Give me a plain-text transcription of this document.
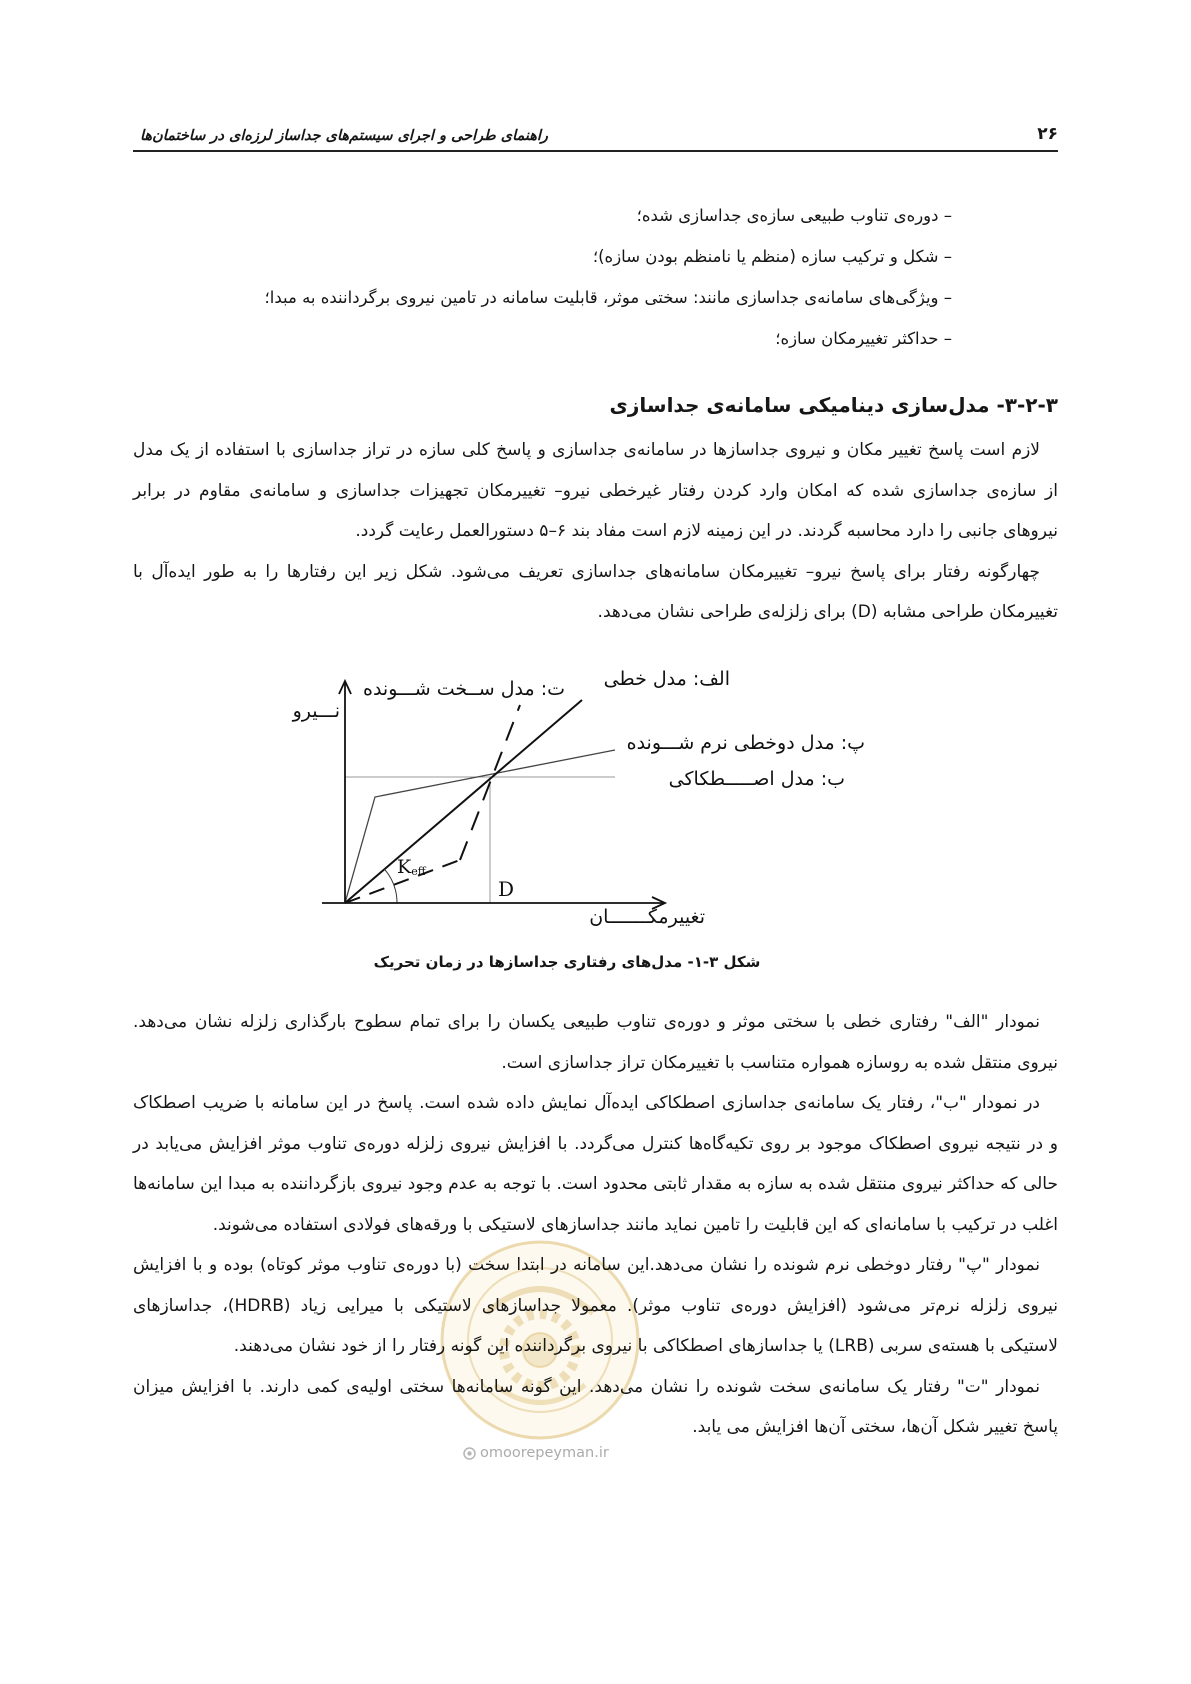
راهنمای طراحی و اجرای سیستم‌های جداساز لرزه‌ای در ساختمان‌ها	۲۶
– دوره‌ی تناوب طبیعی سازه‌ی جداسازی شده؛
– شکل و ترکیب سازه (منظم یا نامنظم بودن سازه)؛
– ویژگی‌های سامانه‌ی جداسازی مانند: سختی موثر، قابلیت سامانه در تامین نیروی برگرداننده به مبدا؛
– حداکثر تغییرمکان سازه؛
۳-۲-۳- مدل‌سازی دینامیکی سامانه‌ی جداسازی
لازم است پاسخ تغییر مکان و نیروی جداسازها در سامانه‌ی جداسازی و پاسخ کلی سازه در تراز جداسازی با استفاده از یک مدل
از سازه‌ی جداسازی شده که امکان وارد کردن رفتار غیرخطی نیرو– تغییرمکان تجهیزات جداسازی و سامانه‌ی مقاوم در برابر
نیروهای جانبی را دارد محاسبه گردند. در این زمینه لازم است مفاد بند ۶–۵ دستورالعمل رعایت گردد.
چهارگونه رفتار برای پاسخ نیرو– تغییرمکان سامانه‌های جداسازی تعریف می‌شود. شکل زیر این رفتارها را به طور ایده‌آل با
تغییرمکان طراحی مشابه (D) برای زلزله‌ی طراحی نشان می‌دهد.
نـــیرو
ت: مدل ســخت شـــونده الف: مدل خطی
پ: مدل دوخطی نرم شـــونده
ب: مدل اصـــــطکاکی
تغییرمکـــــــان
D
$K_{eff}$
شکل ۳-۱- مدل‌های رفتاری جداسازها در زمان تحریک
نمودار "الف" رفتاری خطی با سختی موثر و دوره‌ی تناوب طبیعی یکسان را برای تمام سطوح بارگذاری زلزله نشان می‌دهد.
نیروی منتقل شده به روسازه همواره متناسب با تغییرمکان تراز جداسازی است.
در نمودار "ب"، رفتار یک سامانه‌ی جداسازی اصطکاکی ایده‌آل نمایش داده شده است. پاسخ در این سامانه با ضریب اصطکاک
و در نتیجه نیروی اصطکاک موجود بر روی تکیه‌گاه‌ها کنترل می‌گردد. با افزایش نیروی زلزله دوره‌ی تناوب موثر افزایش می‌یابد در
حالی که حداکثر نیروی منتقل شده به سازه به مقدار ثابتی محدود است. با توجه به عدم وجود نیروی بازگرداننده به مبدا این سامانه‌ها
اغلب در ترکیب با سامانه‌ای که این قابلیت را تامین نماید مانند جداسازهای لاستیکی با ورقه‌های فولادی استفاده می‌شوند.
نمودار "پ" رفتار دوخطی نرم شونده را نشان می‌دهد.این سامانه در ابتدا سخت (با دوره‌ی تناوب موثر کوتاه) بوده و با افزایش
نیروی زلزله نرم‌تر می‌شود (افزایش دوره‌ی تناوب موثر). معمولا جداسازهای لاستیکی با میرایی زیاد (HDRB)، جداسازهای
لاستیکی با هسته‌ی سربی (LRB) یا جداسازهای اصطکاکی با نیروی برگرداننده این گونه رفتار را از خود نشان می‌دهند.
نمودار "ت" رفتار یک سامانه‌ی سخت شونده را نشان می‌دهد. این گونه سامانه‌ها سختی اولیه‌ی کمی دارند. با افزایش میزان
پاسخ تغییر شکل آن‌ها، سختی آن‌ها افزایش می یابد.
omoorepeyman.ir
